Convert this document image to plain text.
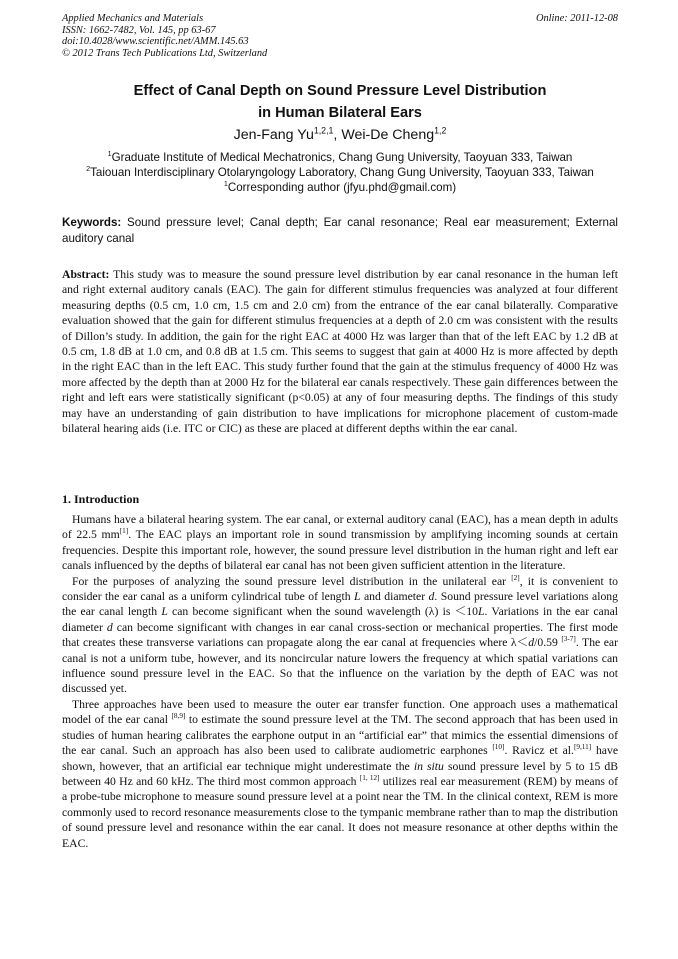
Applied Mechanics and Materials
ISSN: 1662-7482, Vol. 145, pp 63-67
doi:10.4028/www.scientific.net/AMM.145.63
© 2012 Trans Tech Publications Ltd, Switzerland
Online: 2011-12-08
Effect of Canal Depth on Sound Pressure Level Distribution
in Human Bilateral Ears
Jen-Fang Yu$^{1,2,1}$, Wei-De Cheng$^{1,2}$
$^1$Graduate Institute of Medical Mechatronics, Chang Gung University, Taoyuan 333, Taiwan
$^2$Taiouan Interdisciplinary Otolaryngology Laboratory, Chang Gung University, Taoyuan 333, Taiwan
$^1$Corresponding author (jfyu.phd@gmail.com)
Keywords: Sound pressure level; Canal depth; Ear canal resonance; Real ear measurement; External auditory canal
Abstract: This study was to measure the sound pressure level distribution by ear canal resonance in the human left and right external auditory canals (EAC). The gain for different stimulus frequencies was analyzed at four different measuring depths (0.5 cm, 1.0 cm, 1.5 cm and 2.0 cm) from the entrance of the ear canal bilaterally. Comparative evaluation showed that the gain for different stimulus frequencies at a depth of 2.0 cm was consistent with the results of Dillon’s study. In addition, the gain for the right EAC at 4000 Hz was larger than that of the left EAC by 1.2 dB at 0.5 cm, 1.8 dB at 1.0 cm, and 0.8 dB at 1.5 cm. This seems to suggest that gain at 4000 Hz is more affected by depth in the right EAC than in the left EAC. This study further found that the gain at the stimulus frequency of 4000 Hz was more affected by the depth than at 2000 Hz for the bilateral ear canals respectively. These gain differences between the right and left ears were statistically significant (p<0.05) at any of four measuring depths. The findings of this study may have an understanding of gain distribution to have implications for microphone placement of custom-made bilateral hearing aids (i.e. ITC or CIC) as these are placed at different depths within the ear canal.
1. Introduction

Humans have a bilateral hearing system. The ear canal, or external auditory canal (EAC), has a mean depth in adults of 22.5 mm[1]. The EAC plays an important role in sound transmission by amplifying incoming sounds at certain frequencies. Despite this important role, however, the sound pressure level distribution in the human right and left ear canals influenced by the depths of bilateral ear canal has not been given sufficient attention in the literature.

For the purposes of analyzing the sound pressure level distribution in the unilateral ear [2], it is convenient to consider the ear canal as a uniform cylindrical tube of length L and diameter d. Sound pressure level variations along the ear canal length L can become significant when the sound wavelength (λ) is ＜10L. Variations in the ear canal diameter d can become significant with changes in ear canal cross-section or mechanical properties. The first mode that creates these transverse variations can propagate along the ear canal at frequencies where λ＜d/0.59 [3-7]. The ear canal is not a uniform tube, however, and its noncircular nature lowers the frequency at which spatial variations can influence sound pressure level in the EAC. So that the influence on the variation by the depth of EAC was not discussed yet.

Three approaches have been used to measure the outer ear transfer function. One approach uses a mathematical model of the ear canal [8,9] to estimate the sound pressure level at the TM. The second approach that has been used in studies of human hearing calibrates the earphone output in an “artificial ear” that mimics the essential dimensions of the ear canal. Such an approach has also been used to calibrate audiometric earphones [10]. Ravicz et al.[9,11] have shown, however, that an artificial ear technique might underestimate the in situ sound pressure level by 5 to 15 dB between 40 Hz and 60 kHz. The third most common approach [1, 12] utilizes real ear measurement (REM) by means of a probe-tube microphone to measure sound pressure level at a point near the TM. In the clinical context, REM is more commonly used to record resonance measurements close to the tympanic membrane rather than to map the distribution of sound pressure level and resonance within the ear canal. It does not measure resonance at other depths within the EAC.
